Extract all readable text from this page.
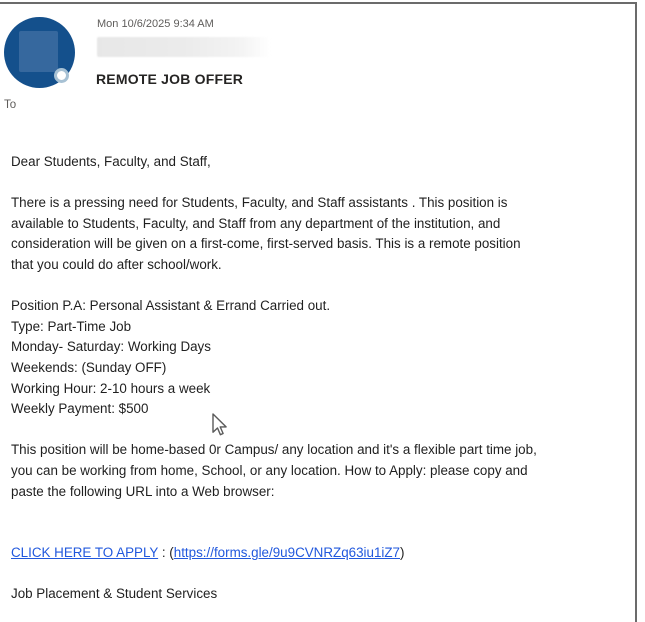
Mon 10/6/2025 9:34 AM
REMOTE JOB OFFER
To
Dear Students, Faculty, and Staff,

There is a pressing need for Students, Faculty, and Staff assistants . This position is
available to Students, Faculty, and Staff from any department of the institution, and
consideration will be given on a first-come, first-served basis. This is a remote position
that you could do after school/work.

Position P.A: Personal Assistant & Errand Carried out.
Type: Part-Time Job
Monday- Saturday: Working Days
Weekends: (Sunday OFF)
Working Hour: 2-10 hours a week
Weekly Payment: $500

This position will be home-based 0r Campus/ any location and it's a flexible part time job,
you can be working from home, School, or any location. How to Apply: please copy and
paste the following URL into a Web browser:

CLICK HERE TO APPLY : (https://forms.gle/9u9CVNRZq63iu1iZ7)

Job Placement & Student Services
